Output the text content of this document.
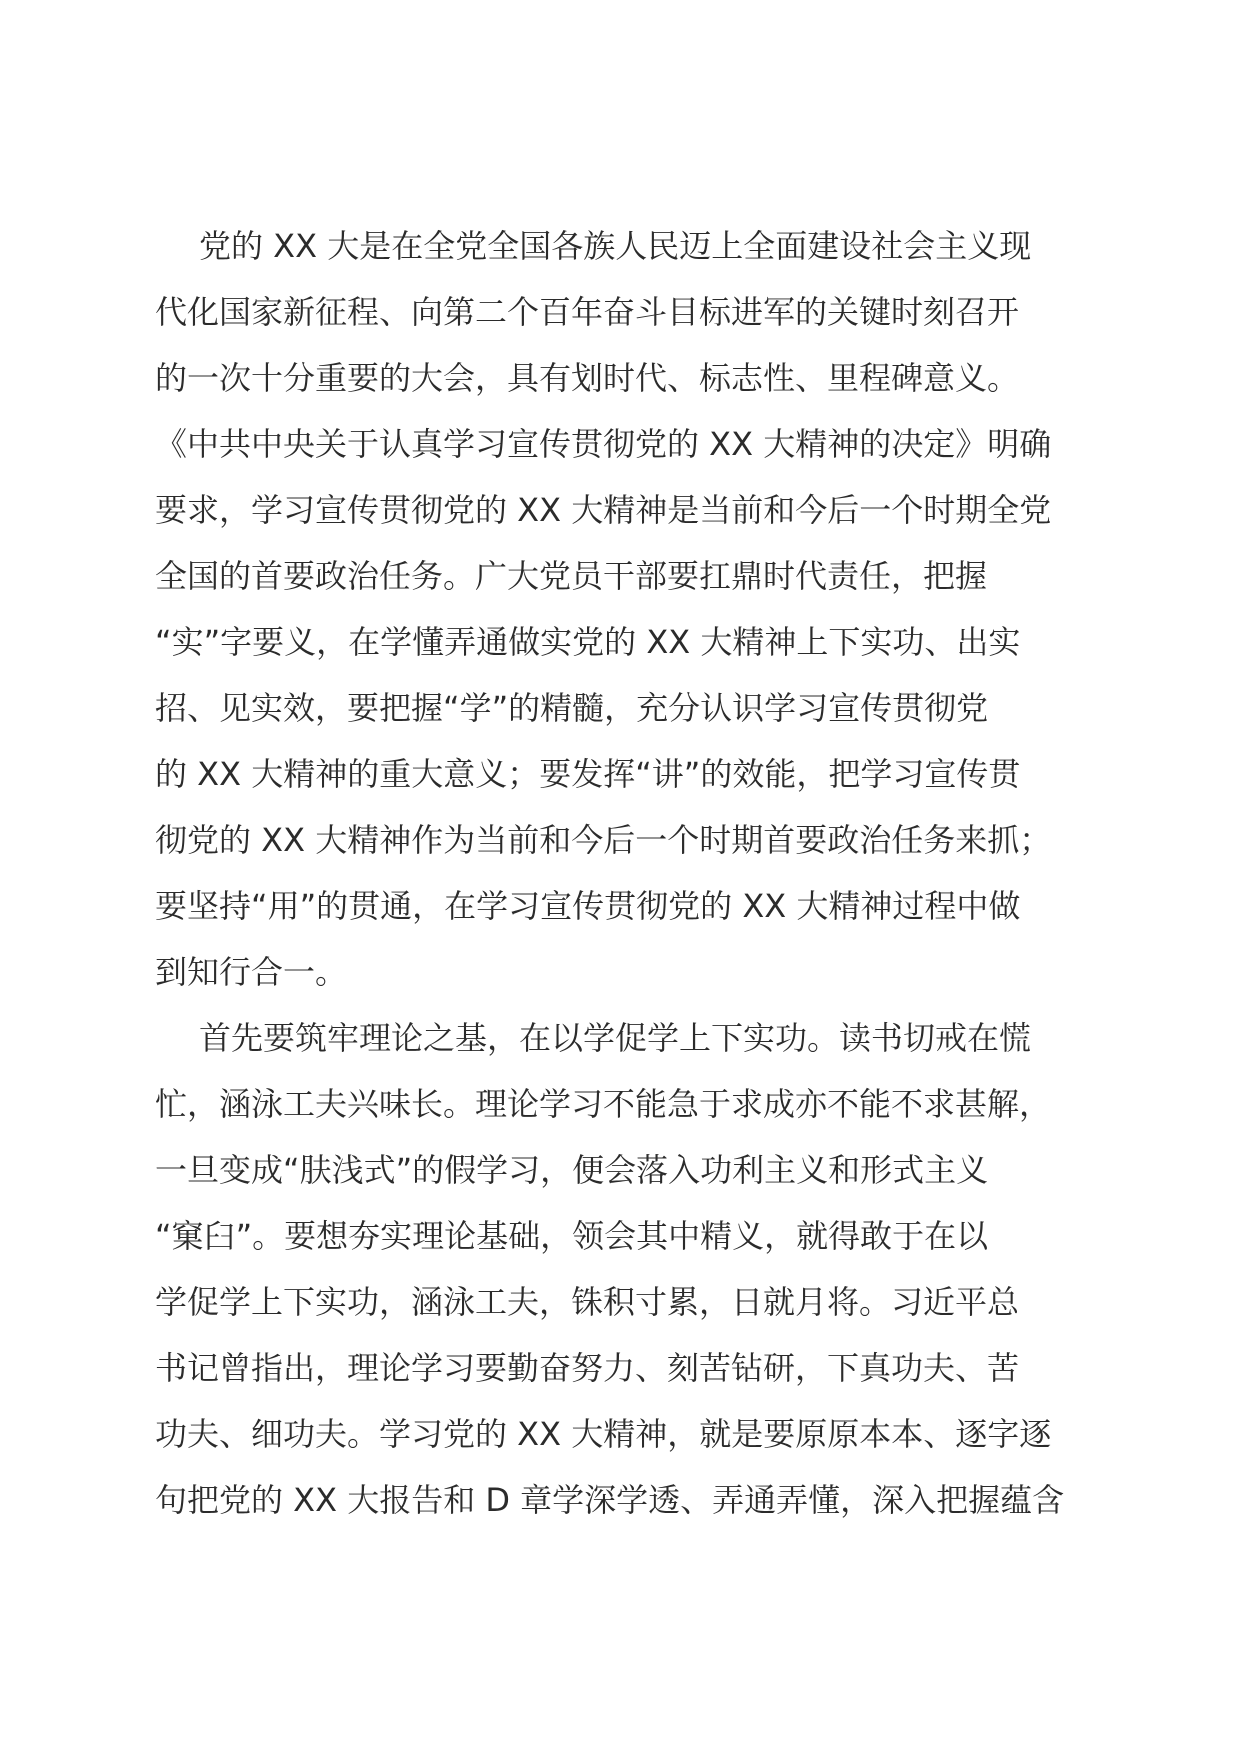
党的 XX 大是在全党全国各族人民迈上全面建设社会主义现
代化国家新征程、向第二个百年奋斗目标进军的关键时刻召开
的一次十分重要的大会，具有划时代、标志性、里程碑意义。
《中共中央关于认真学习宣传贯彻党的 XX 大精神的决定》明确
要求，学习宣传贯彻党的 XX 大精神是当前和今后一个时期全党
全国的首要政治任务。广大党员干部要扛鼎时代责任，把握
“实”字要义，在学懂弄通做实党的 XX 大精神上下实功、出实
招、见实效，要把握“学”的精髓，充分认识学习宣传贯彻党
的 XX 大精神的重大意义；要发挥“讲”的效能，把学习宣传贯
彻党的 XX 大精神作为当前和今后一个时期首要政治任务来抓；
要坚持“用”的贯通，在学习宣传贯彻党的 XX 大精神过程中做
到知行合一。
首先要筑牢理论之基，在以学促学上下实功。读书切戒在慌
忙，涵泳工夫兴味长。理论学习不能急于求成亦不能不求甚解，
一旦变成“肤浅式”的假学习，便会落入功利主义和形式主义
“窠臼”。要想夯实理论基础，领会其中精义，就得敢于在以
学促学上下实功，涵泳工夫，铢积寸累，日就月将。习近平总
书记曾指出，理论学习要勤奋努力、刻苦钻研，下真功夫、苦
功夫、细功夫。学习党的 XX 大精神，就是要原原本本、逐字逐
句把党的 XX 大报告和 D 章学深学透、弄通弄懂，深入把握蕴含
